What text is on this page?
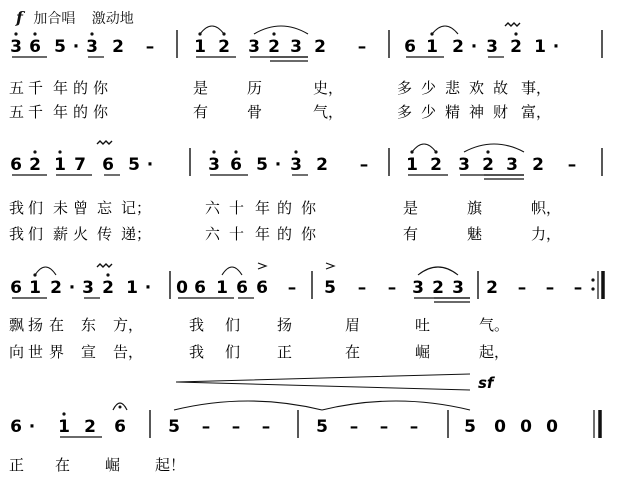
f 加合唱 激动地
3 6 5 · 3 2 – 1 2 3 2 3 2 – 6 1 2 · 3 2 1 ·
五 千 年 的 你	是	历	史，	多 少 悲 欢 故 事，
五 千 年 的 你	有	骨	气，	多 少 精 神 财 富，
6 2 1 7 6 5 ·	3 6 5 · 3 2 – 1 2 3 2 3 2 –
我 们 未 曾 忘 记；	六 十 年 的 你	是	旗	帜，
我 们 薪 火 传 递；	六 十 年 的 你	有	魅	力，
6 1 2 · 3 2 1 · 0 6 1 6 6 – 5 – – 3 2 3 2 – – –
飘 扬 在 东 方，	我 们 扬	眉	吐	气。
向 世 界 宣 告，	我 们 正	在	崛	起，
6 · 1 2 6 5 – – –	5 – – –	5 0 0 0
sf
正 在 崛 起！
